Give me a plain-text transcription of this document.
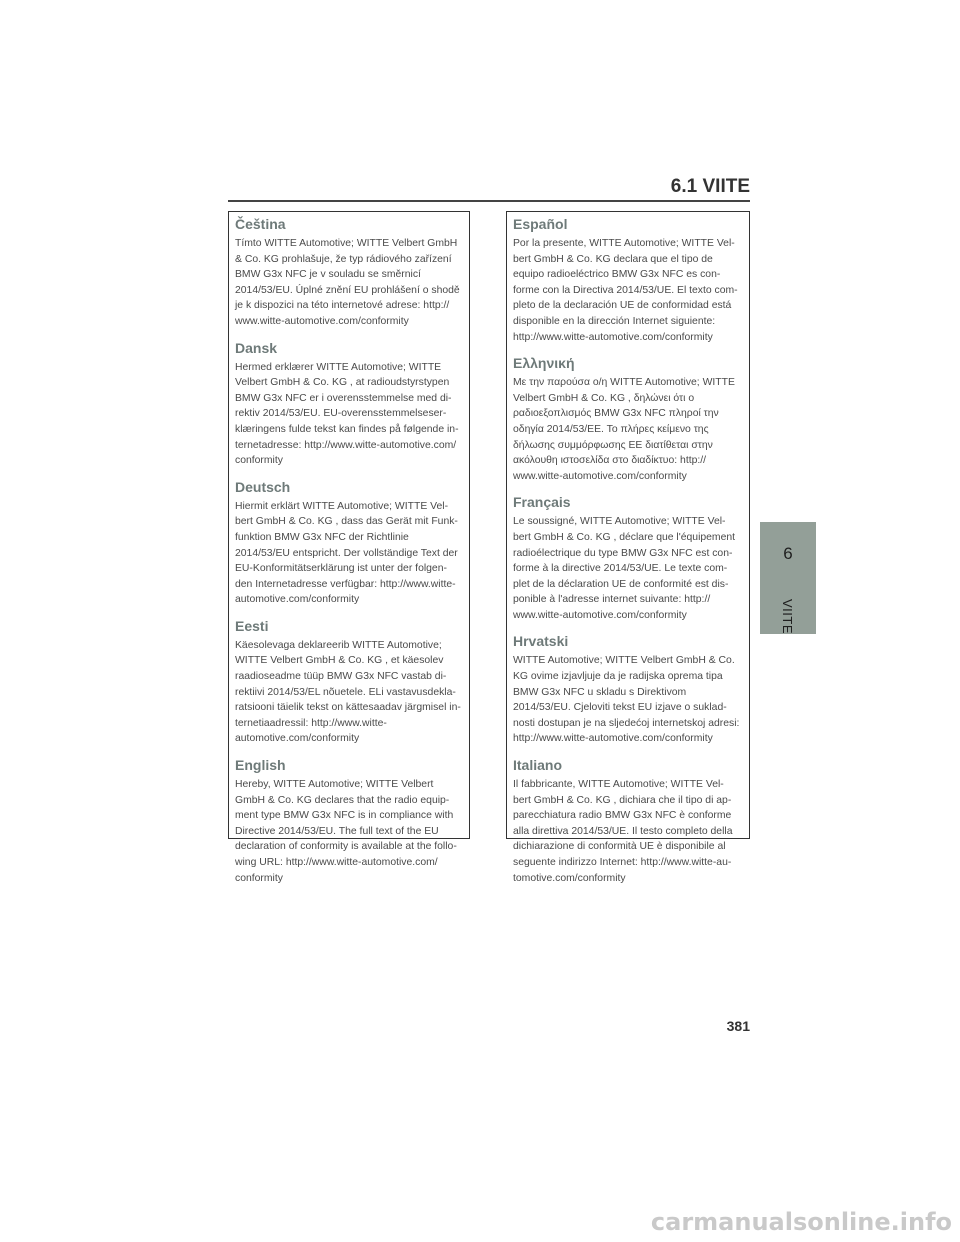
6.1 VIITE
6
VIITE
Čeština
Tímto WITTE Automotive; WITTE Velbert GmbH
& Co. KG prohlašuje, že typ rádiového zařízení
BMW G3x NFC je v souladu se směrnicí
2014/53/EU. Úplné znění EU prohlášení o shodě
je k dispozici na této internetové adrese: http://
www.witte-automotive.com/conformity
Dansk
Hermed erklærer WITTE Automotive; WITTE
Velbert GmbH & Co. KG , at radioudstyrstypen
BMW G3x NFC er i overensstemmelse med di-
rektiv 2014/53/EU. EU-overensstemmelseser-
klæringens fulde tekst kan findes på følgende in-
ternetadresse: http://www.witte-automotive.com/
conformity
Deutsch
Hiermit erklärt WITTE Automotive; WITTE Vel-
bert GmbH & Co. KG , dass das Gerät mit Funk-
funktion BMW G3x NFC der Richtlinie
2014/53/EU entspricht. Der vollständige Text der
EU-Konformitätserklärung ist unter der folgen-
den Internetadresse verfügbar: http://www.witte-
automotive.com/conformity
Eesti
Käesolevaga deklareerib WITTE Automotive;
WITTE Velbert GmbH & Co. KG , et käesolev
raadioseadme tüüp BMW G3x NFC vastab di-
rektiivi 2014/53/EL nõuetele. ELi vastavusdekla-
ratsiooni täielik tekst on kättesaadav järgmisel in-
ternetiaadressil: http://www.witte-
automotive.com/conformity
English
Hereby, WITTE Automotive; WITTE Velbert
GmbH & Co. KG declares that the radio equip-
ment type BMW G3x NFC is in compliance with
Directive 2014/53/EU. The full text of the EU
declaration of conformity is available at the follo-
wing URL: http://www.witte-automotive.com/
conformity
Español
Por la presente, WITTE Automotive; WITTE Vel-
bert GmbH & Co. KG declara que el tipo de
equipo radioeléctrico BMW G3x NFC es con-
forme con la Directiva 2014/53/UE. El texto com-
pleto de la declaración UE de conformidad está
disponible en la dirección Internet siguiente:
http://www.witte-automotive.com/conformity
Ελληνική
Με την παρούσα ο/η WITTE Automotive; WITTE
Velbert GmbH & Co. KG , δηλώνει ότι ο
ραδιοεξοπλισμός BMW G3x NFC πληροί την
οδηγία 2014/53/ΕΕ. Το πλήρες κείμενο της
δήλωσης συμμόρφωσης ΕΕ διατίθεται στην
ακόλουθη ιστοσελίδα στο διαδίκτυο: http://
www.witte-automotive.com/conformity
Français
Le soussigné, WITTE Automotive; WITTE Vel-
bert GmbH & Co. KG , déclare que l'équipement
radioélectrique du type BMW G3x NFC est con-
forme à la directive 2014/53/UE. Le texte com-
plet de la déclaration UE de conformité est dis-
ponible à l'adresse internet suivante: http://
www.witte-automotive.com/conformity
Hrvatski
WITTE Automotive; WITTE Velbert GmbH & Co.
KG ovime izjavljuje da je radijska oprema tipa
BMW G3x NFC u skladu s Direktivom
2014/53/EU. Cjeloviti tekst EU izjave o suklad-
nosti dostupan je na sljedećoj internetskoj adresi:
http://www.witte-automotive.com/conformity
Italiano
Il fabbricante, WITTE Automotive; WITTE Vel-
bert GmbH & Co. KG , dichiara che il tipo di ap-
parecchiatura radio BMW G3x NFC è conforme
alla direttiva 2014/53/UE. Il testo completo della
dichiarazione di conformità UE è disponibile al
seguente indirizzo Internet: http://www.witte-au-
tomotive.com/conformity
381
carmanualsonline.info
